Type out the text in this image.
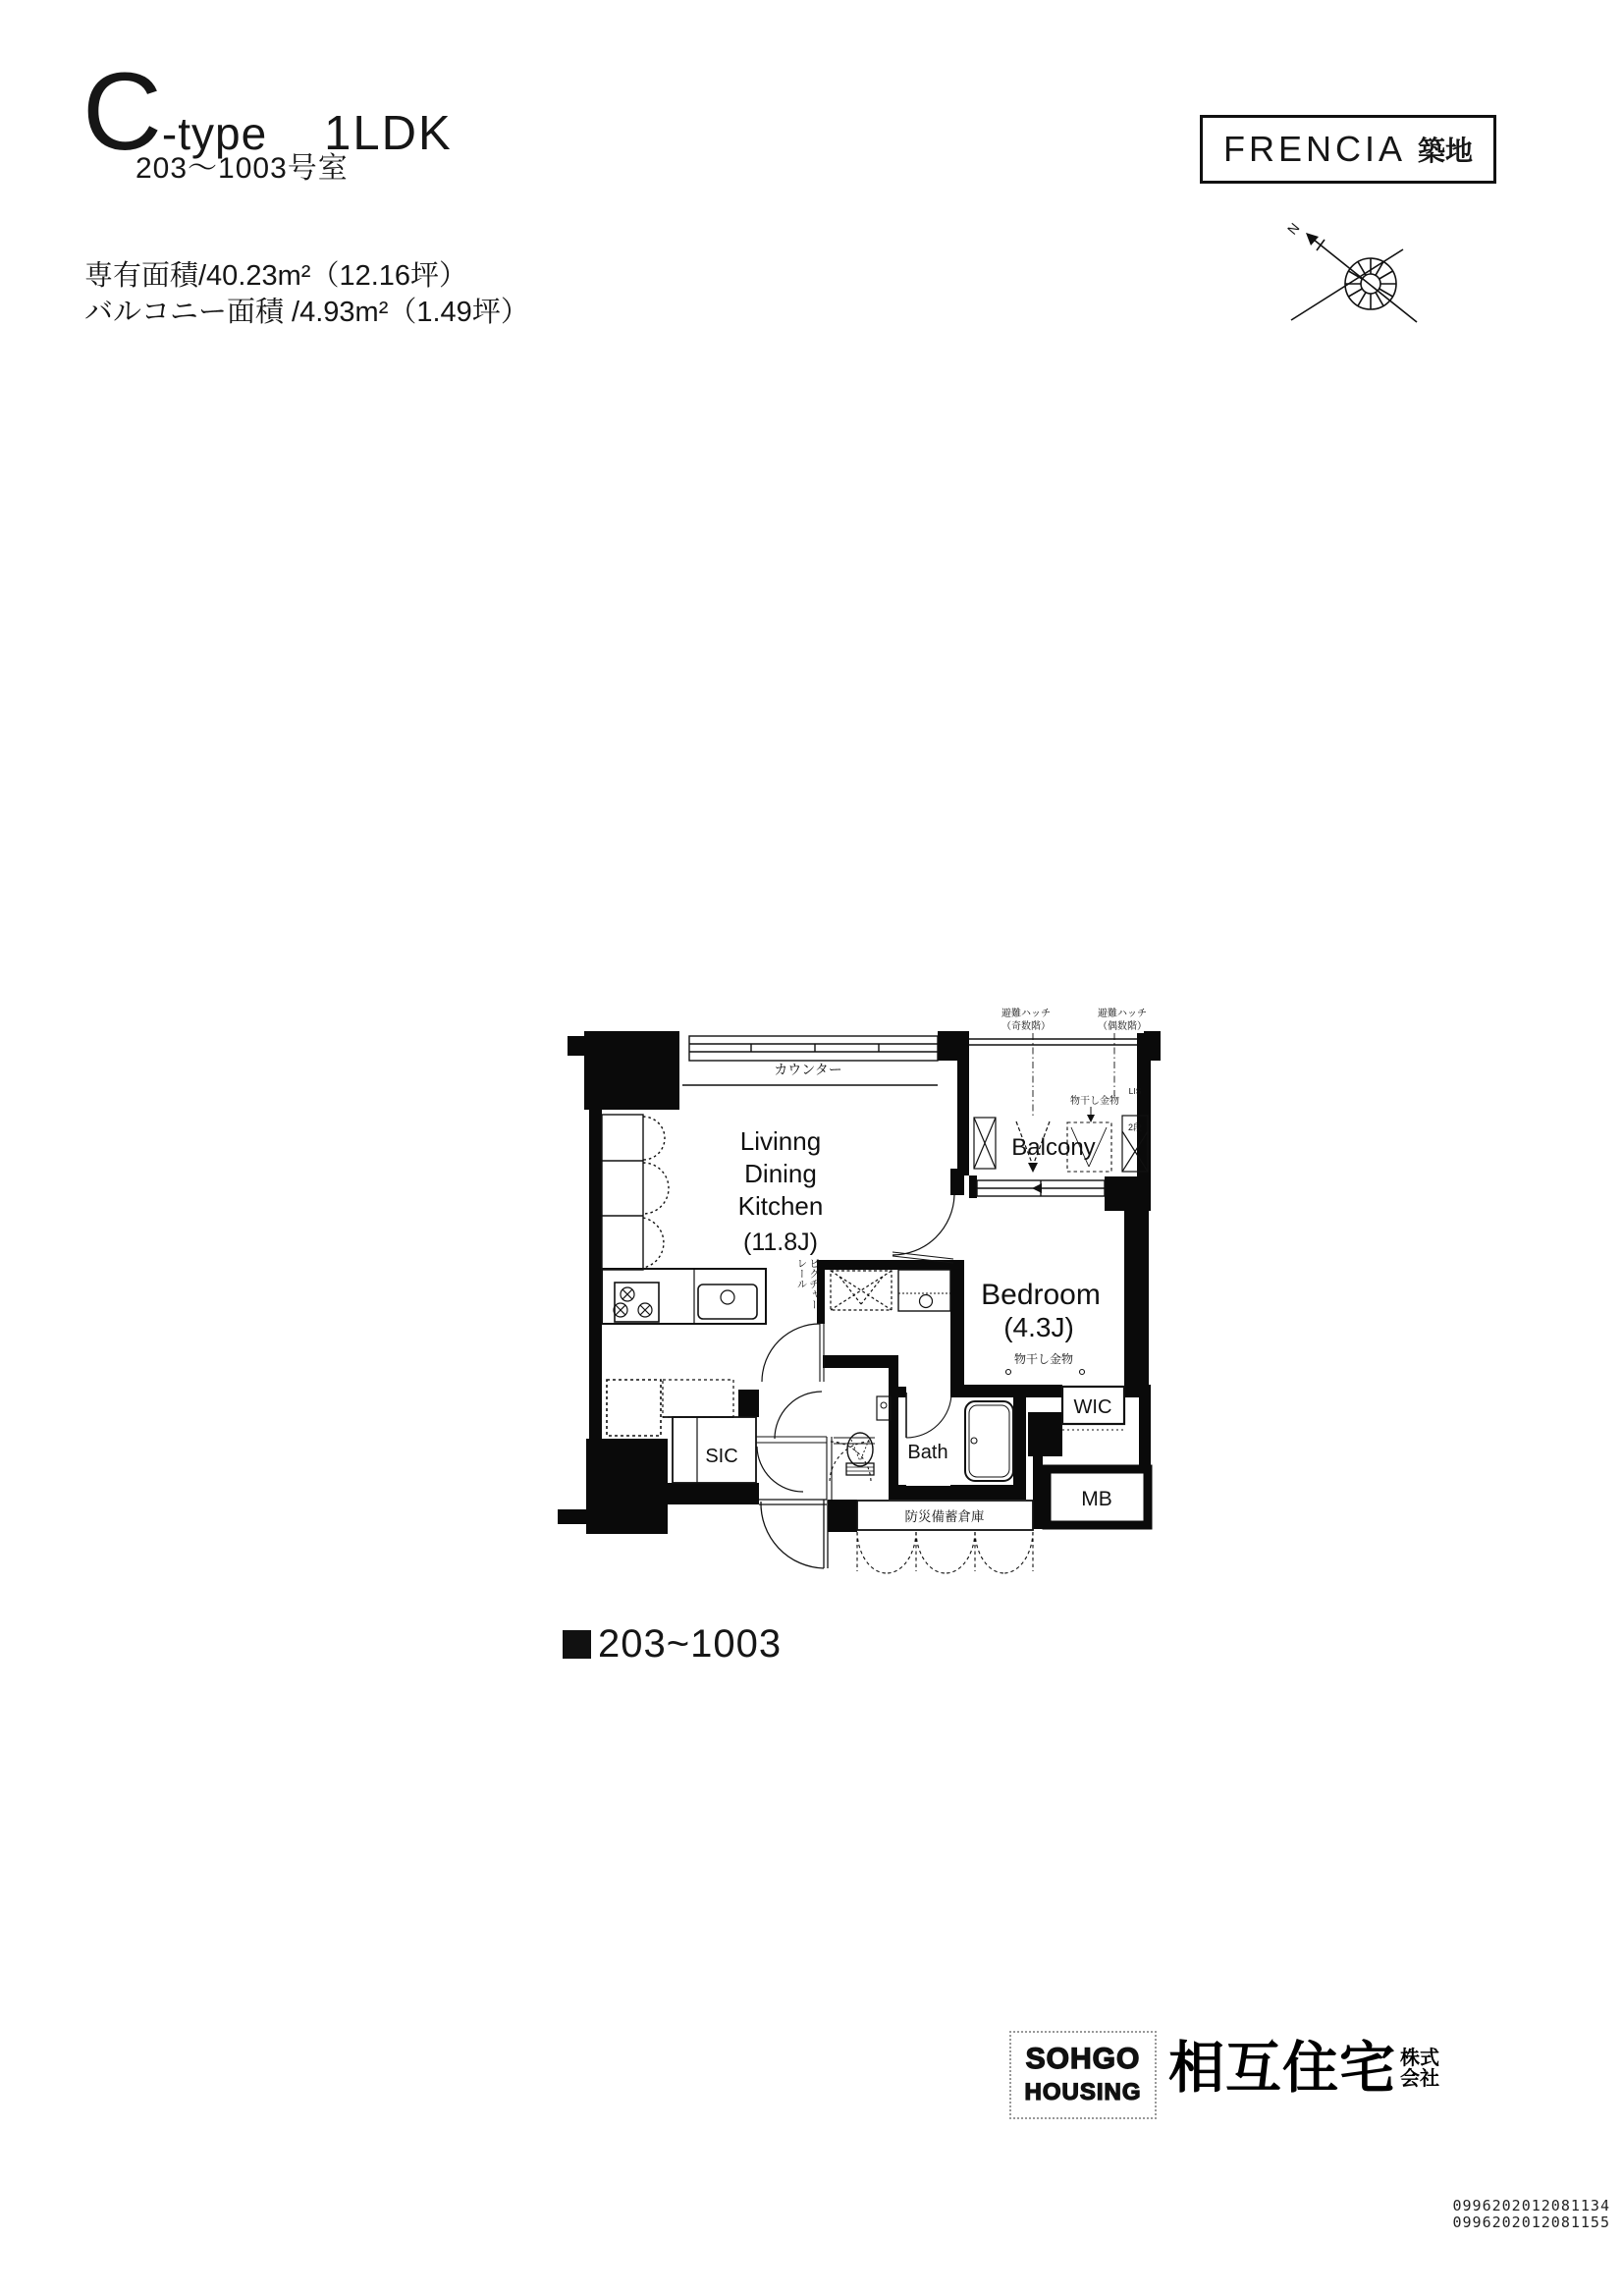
C -type 1LDK
203〜1003号室
専有面積/40.23m²（12.16坪）
バルコニー面積 /4.93m²（1.49坪）
FRENCIA 築地
N
カウンター
Livinng
Dining
Kitchen
(11.8J)
Balcony
2段
LIS
物干し金物
避難ハッチ
（奇数階）
避難ハッチ
（偶数階）
Bedroom
(4.3J)
物干し金物
Bath
WIC
SIC
MB
防災備蓄倉庫
ピクチャーレール
203~1003
SOHGO
HOUSING 相互住宅 株式
会社
0996202012081134
0996202012081155
